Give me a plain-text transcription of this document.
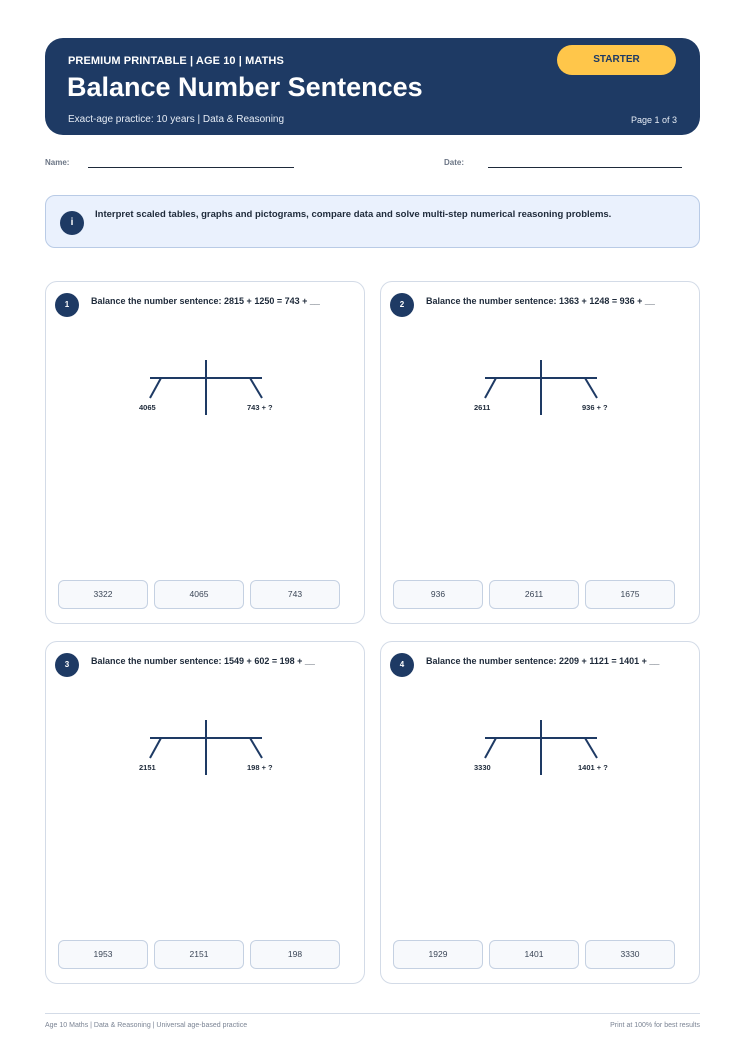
PREMIUM PRINTABLE | AGE 10 | MATHS
Balance Number Sentences
Exact-age practice: 10 years | Data & Reasoning	Page 1 of 3
STARTER
Name:	Date:
i
Interpret scaled tables, graphs and pictograms, compare data and solve multi-step numerical reasoning problems.
1	Balance the number sentence: 2815 + 1250 = 743 + __
4065	743 + ?
3322	4065	743
2	Balance the number sentence: 1363 + 1248 = 936 + __
2611	936 + ?
936	2611	1675
3	Balance the number sentence: 1549 + 602 = 198 + __
2151	198 + ?
1953	2151	198
4	Balance the number sentence: 2209 + 1121 = 1401 + __
3330	1401 + ?
1929	1401	3330
Age 10 Maths | Data & Reasoning | Universal age-based practice	Print at 100% for best results
